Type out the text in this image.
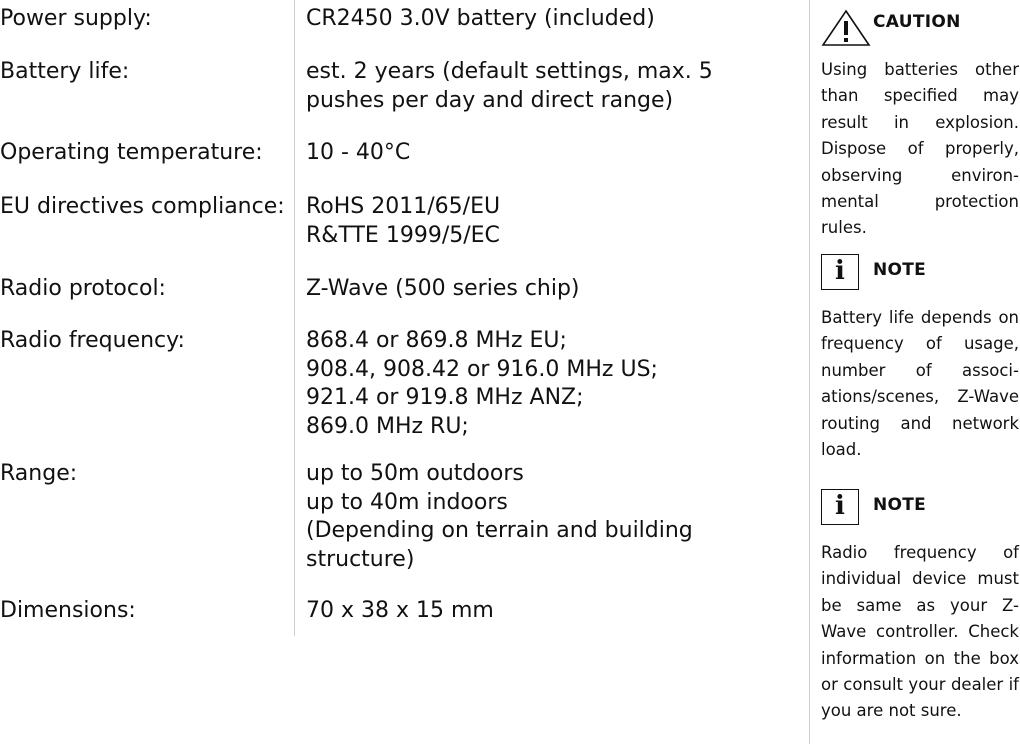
Power supply:	CR2450 3.0V battery (included)
Battery life:	est. 2 years (default settings, max. 5
pushes per day and direct range)
Operating temperature:	10 - 40°C
EU directives compliance: RoHS 2011/65/EU
R&TTE 1999/5/EC
Radio protocol:	Z-Wave (500 series chip)
Radio frequency:	868.4 or 869.8 MHz EU;
908.4, 908.42 or 916.0 MHz US;
921.4 or 919.8 MHz ANZ;
869.0 MHz RU;
Range:	up to 50m outdoors
up to 40m indoors
(Depending on terrain and building
structure)
Dimensions:	70 x 38 x 15 mm
CAUTION
Using batteries other than specified may result in explosion. Dispose of properly, observing environmental protection rules.
i	NOTE
Battery life depends on frequency of usage, number of associations/scenes, Z-Wave routing and network load.
i	NOTE
Radio frequency of individual device must be same as your Z-Wave controller. Check information on the box or consult your dealer if you are not sure.
